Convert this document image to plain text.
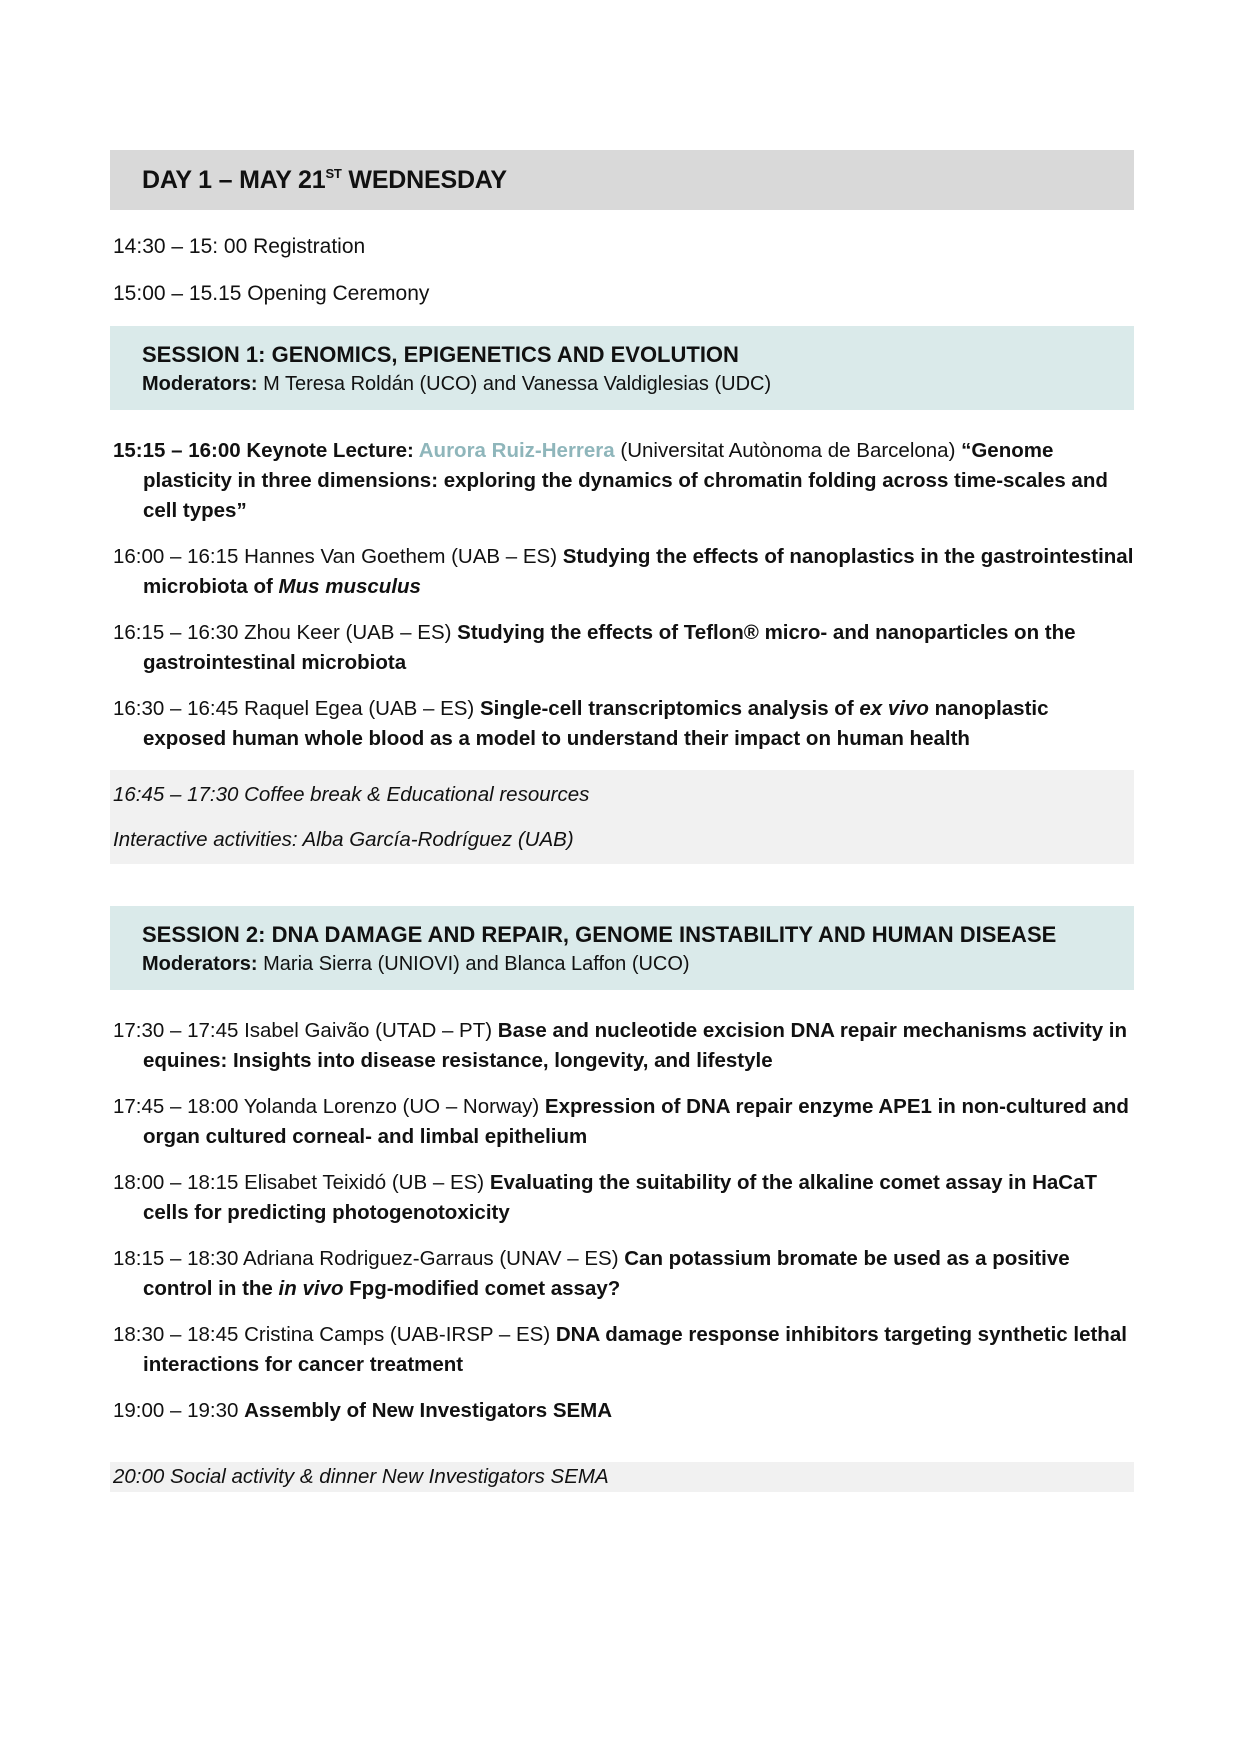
DAY 1 – MAY 21ST WEDNESDAY
14:30 – 15: 00 Registration
15:00 – 15.15 Opening Ceremony
SESSION 1: GENOMICS, EPIGENETICS AND EVOLUTION
Moderators: M Teresa Roldán (UCO) and Vanessa Valdiglesias (UDC)
15:15 – 16:00 Keynote Lecture: Aurora Ruiz-Herrera (Universitat Autònoma de Barcelona) “Genome plasticity in three dimensions: exploring the dynamics of chromatin folding across time-scales and cell types”
16:00 – 16:15 Hannes Van Goethem (UAB – ES) Studying the effects of nanoplastics in the gastrointestinal microbiota of Mus musculus
16:15 – 16:30 Zhou Keer (UAB – ES) Studying the effects of Teflon® micro- and nanoparticles on the gastrointestinal microbiota
16:30 – 16:45 Raquel Egea (UAB – ES) Single-cell transcriptomics analysis of ex vivo nanoplastic exposed human whole blood as a model to understand their impact on human health
16:45 – 17:30 Coffee break & Educational resources
Interactive activities: Alba García-Rodríguez (UAB)
SESSION 2: DNA DAMAGE AND REPAIR, GENOME INSTABILITY AND HUMAN DISEASE
Moderators: Maria Sierra (UNIOVI) and Blanca Laffon (UCO)
17:30 – 17:45 Isabel Gaivão (UTAD – PT) Base and nucleotide excision DNA repair mechanisms activity in equines: Insights into disease resistance, longevity, and lifestyle
17:45 – 18:00 Yolanda Lorenzo (UO – Norway) Expression of DNA repair enzyme APE1 in non-cultured and organ cultured corneal- and limbal epithelium
18:00 – 18:15 Elisabet Teixidó (UB – ES) Evaluating the suitability of the alkaline comet assay in HaCaT cells for predicting photogenotoxicity
18:15 – 18:30 Adriana Rodriguez-Garraus (UNAV – ES) Can potassium bromate be used as a positive control in the in vivo Fpg-modified comet assay?
18:30 – 18:45 Cristina Camps (UAB-IRSP – ES) DNA damage response inhibitors targeting synthetic lethal interactions for cancer treatment
19:00 – 19:30 Assembly of New Investigators SEMA
20:00 Social activity & dinner New Investigators SEMA
